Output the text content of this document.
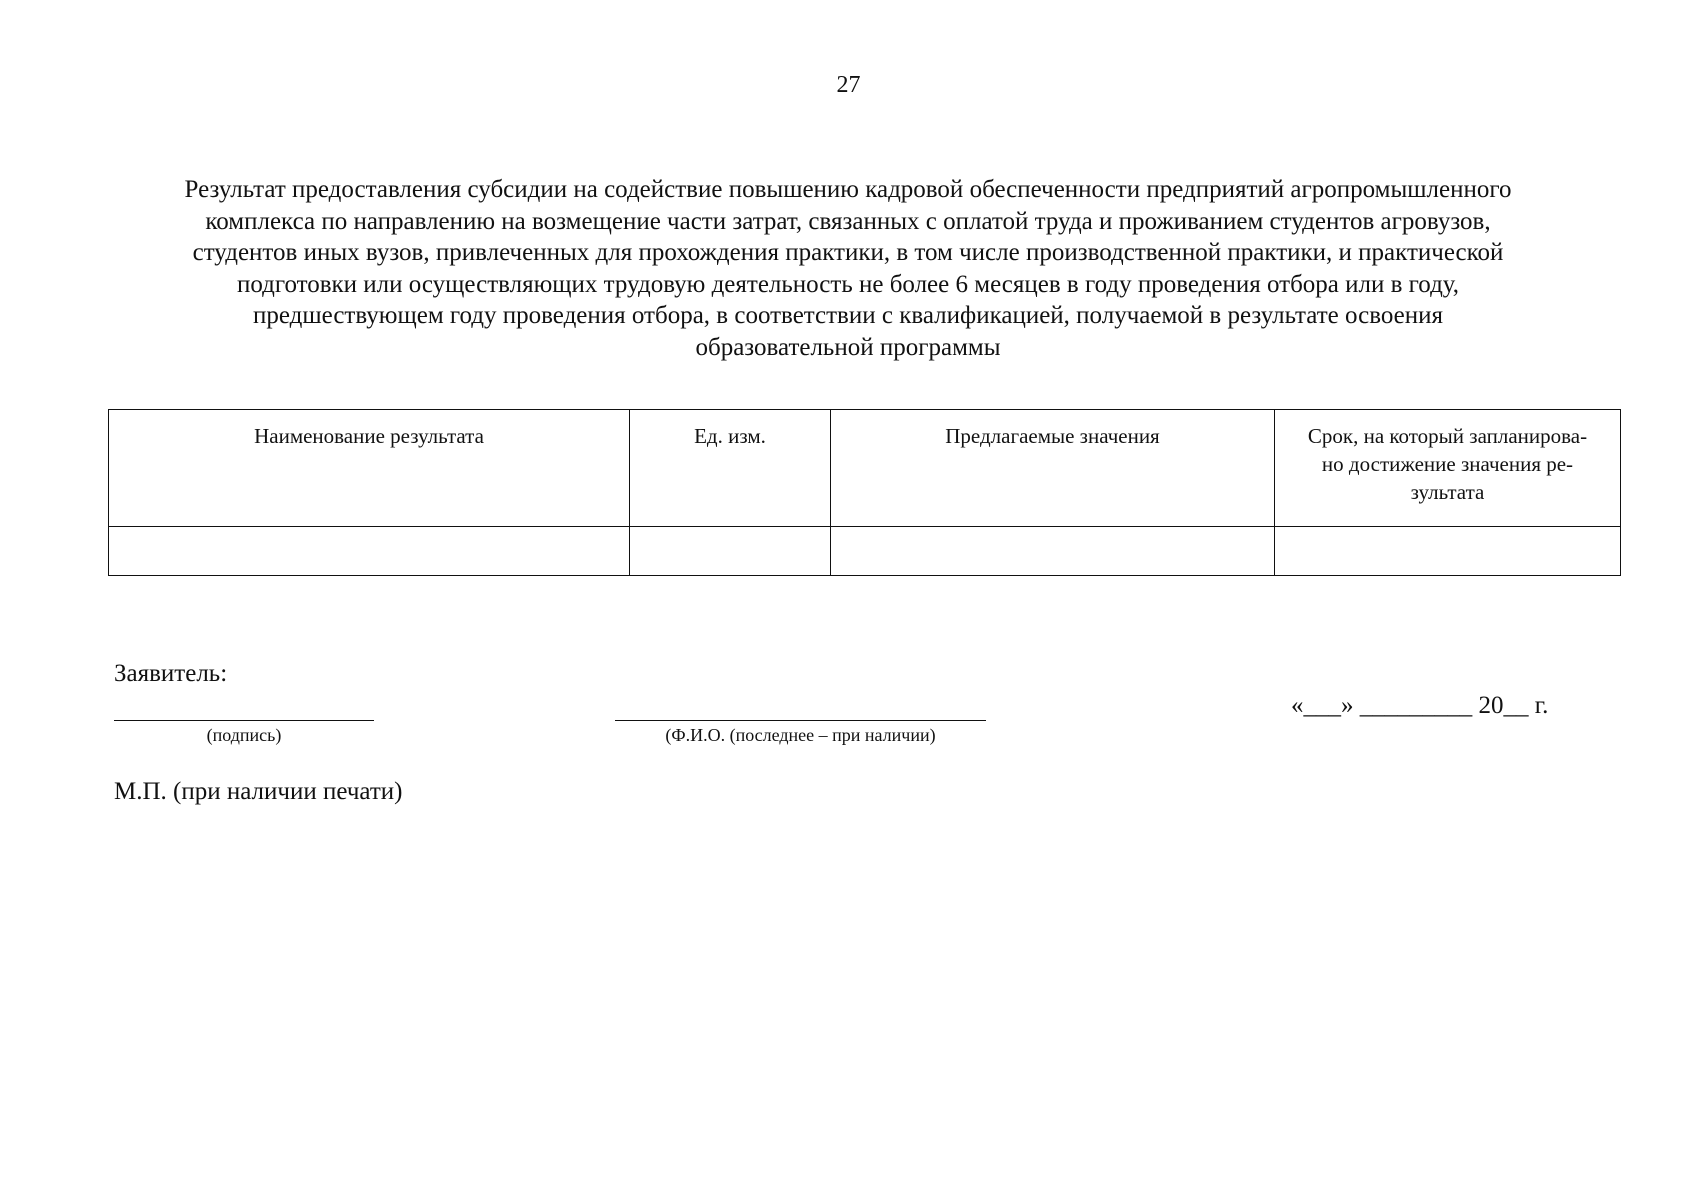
27
Результат предоставления субсидии на содействие повышению кадровой обеспеченности предприятий агропромышленного
комплекса по направлению на возмещение части затрат, связанных с оплатой труда и проживанием студентов агровузов,
студентов иных вузов, привлеченных для прохождения практики, в том числе производственной практики, и практической
подготовки или осуществляющих трудовую деятельность не более 6 месяцев в году проведения отбора или в году,
предшествующем году проведения отбора, в соответствии с квалификацией, получаемой в результате освоения
образовательной программы
Наименование результата	Ед. изм.	Предлагаемые значения	Срок, на который запланирова-
но достижение значения ре-
зультата

Заявитель:
(подпись)	(Ф.И.О. (последнее – при наличии)
«___» _________ 20__ г.
М.П. (при наличии печати)
